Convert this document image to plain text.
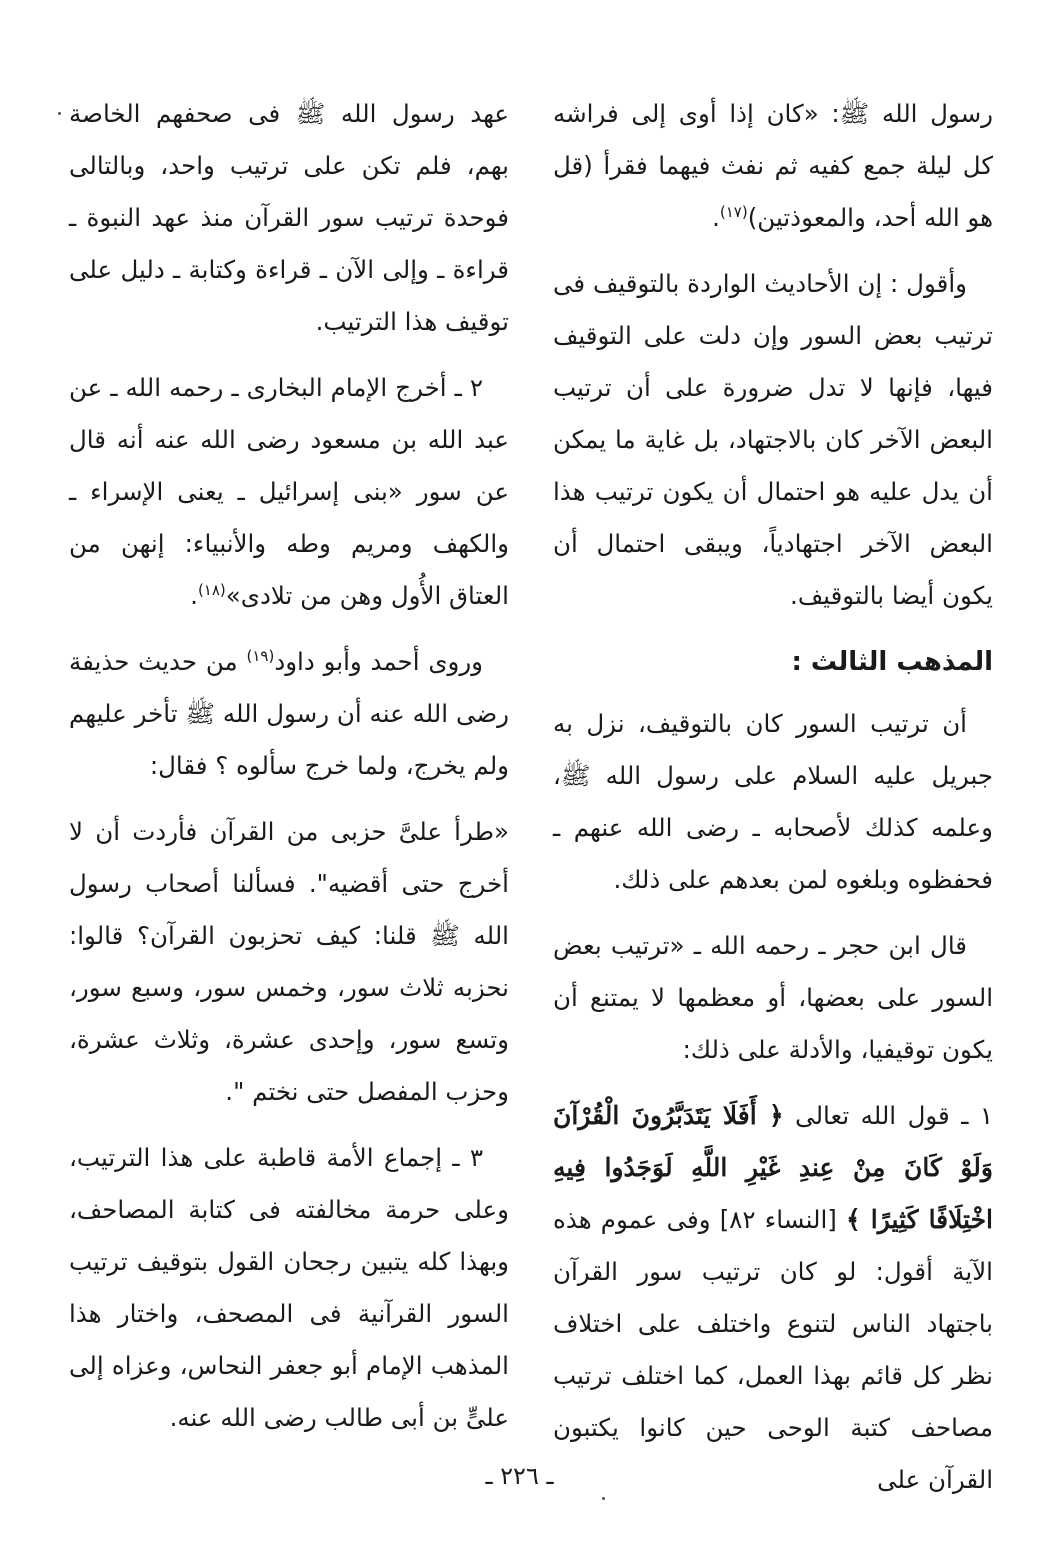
رسول الله ﷺ: «كان إذا أوى إلى فراشه كل ليلة جمع كفيه ثم نفث فيهما فقرأ (قل هو الله أحد، والمعوذتين)$^{(١٧)}$.

وأقول : إن الأحاديث الواردة بالتوقيف فى ترتيب بعض السور وإن دلت على التوقيف فيها، فإنها لا تدل ضرورة على أن ترتيب البعض الآخر كان بالاجتهاد، بل غاية ما يمكن أن يدل عليه هو احتمال أن يكون ترتيب هذا البعض الآخر اجتهادياً، ويبقى احتمال أن يكون أيضا بالتوقيف.

المذهب الثالث :

أن ترتيب السور كان بالتوقيف، نزل به جبريل عليه السلام على رسول الله ﷺ، وعلمه كذلك لأصحابه ـ رضى الله عنهم ـ فحفظوه وبلغوه لمن بعدهم على ذلك.

قال ابن حجر ـ رحمه الله ـ «ترتيب بعض السور على بعضها، أو معظمها لا يمتنع أن يكون توقيفيا، والأدلة على ذلك:

١ ـ قول الله تعالى ﴿ أَفَلَا يَتَدَبَّرُونَ الْقُرْآنَ وَلَوْ كَانَ مِنْ عِندِ غَيْرِ اللَّهِ لَوَجَدُوا فِيهِ اخْتِلَافًا كَثِيرًا ﴾ [النساء ٨٢] وفى عموم هذه الآية أقول: لو كان ترتيب سور القرآن باجتهاد الناس لتنوع واختلف على اختلاف نظر كل قائم بهذا العمل، كما اختلف ترتيب مصاحف كتبة الوحى حين كانوا يكتبون القرآن على

عهد رسول الله ﷺ فى صحفهم الخاصة بهم، فلم تكن على ترتيب واحد، وبالتالى فوحدة ترتيب سور القرآن منذ عهد النبوة ـ قراءة ـ وإلى الآن ـ قراءة وكتابة ـ دليل على توقيف هذا الترتيب.

٢ ـ أخرج الإمام البخارى ـ رحمه الله ـ عن عبد الله بن مسعود رضى الله عنه أنه قال عن سور «بنى إسرائيل ـ يعنى الإسراء ـ والكهف ومريم وطه والأنبياء: إنهن من العتاق الأُول وهن من تلادى»$^{(١٨)}$.

وروى أحمد وأبو داود$^{(١٩)}$ من حديث حذيفة رضى الله عنه أن رسول الله ﷺ تأخر عليهم ولم يخرج، ولما خرج سألوه ؟ فقال:

«طرأ علىَّ حزبى من القرآن فأردت أن لا أخرج حتى أقضيه". فسألنا أصحاب رسول الله ﷺ قلنا: كيف تحزبون القرآن؟ قالوا: نحزبه ثلاث سور، وخمس سور، وسبع سور، وتسع سور، وإحدى عشرة، وثلاث عشرة، وحزب المفصل حتى نختم ".

٣ ـ إجماع الأمة قاطبة على هذا الترتيب، وعلى حرمة مخالفته فى كتابة المصاحف، وبهذا كله يتبين رجحان القول بتوقيف ترتيب السور القرآنية فى المصحف، واختار هذا المذهب الإمام أبو جعفر النحاس، وعزاه إلى علىٍّ بن أبى طالب رضى الله عنه.

ـ ٢٢٦ ـ
